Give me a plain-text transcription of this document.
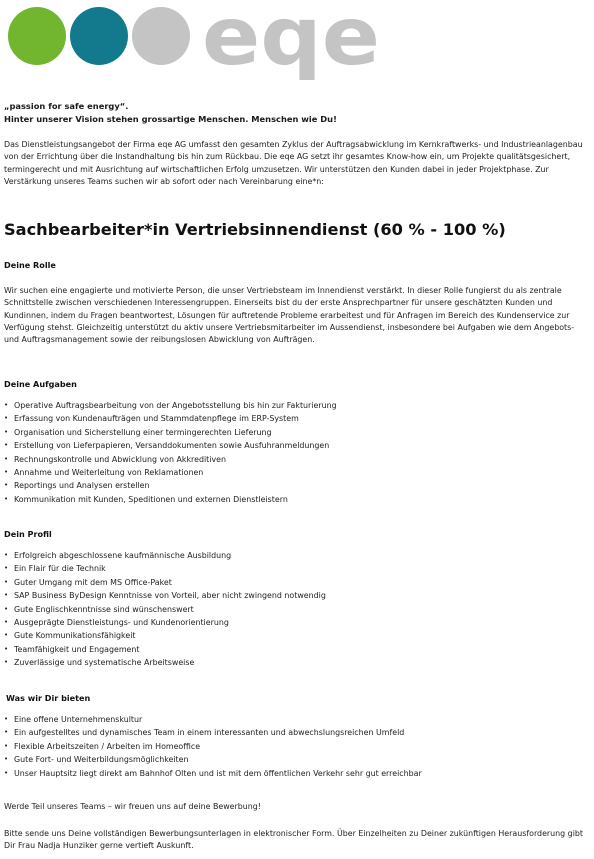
eqe
„passion for safe energy“.
Hinter unserer Vision stehen grossartige Menschen. Menschen wie Du!
Das Dienstleistungsangebot der Firma eqe AG umfasst den gesamten Zyklus der Auftragsabwicklung im Kernkraftwerks- und Industrieanlagenbau von der Errichtung über die Instandhaltung bis hin zum Rückbau. Die eqe AG setzt ihr gesamtes Know-how ein, um Projekte qualitätsgesichert, termingerecht und mit Ausrichtung auf wirtschaftlichen Erfolg umzusetzen. Wir unterstützen den Kunden dabei in jeder Projektphase. Zur Verstärkung unseres Teams suchen wir ab sofort oder nach Vereinbarung eine*n:
Sachbearbeiter*in Vertriebsinnendienst (60 % - 100 %)
Deine Rolle
Wir suchen eine engagierte und motivierte Person, die unser Vertriebsteam im Innendienst verstärkt. In dieser Rolle fungierst du als zentrale Schnittstelle zwischen verschiedenen Interessengruppen. Einerseits bist du der erste Ansprechpartner für unsere geschätzten Kunden und Kundinnen, indem du Fragen beantwortest, Lösungen für auftretende Probleme erarbeitest und für Anfragen im Bereich des Kundenservice zur Verfügung stehst. Gleichzeitig unterstützt du aktiv unsere Vertriebsmitarbeiter im Aussendienst, insbesondere bei Aufgaben wie dem Angebots- und Auftragsmanagement sowie der reibungslosen Abwicklung von Aufträgen.
Deine Aufgaben
• Operative Auftragsbearbeitung von der Angebotsstellung bis hin zur Fakturierung
• Erfassung von Kundenaufträgen und Stammdatenpflege im ERP-System
• Organisation und Sicherstellung einer termingerechten Lieferung
• Erstellung von Lieferpapieren, Versanddokumenten sowie Ausfuhranmeldungen
• Rechnungskontrolle und Abwicklung von Akkreditiven
• Annahme und Weiterleitung von Reklamationen
• Reportings und Analysen erstellen
• Kommunikation mit Kunden, Speditionen und externen Dienstleistern
Dein Profil
• Erfolgreich abgeschlossene kaufmännische Ausbildung
• Ein Flair für die Technik
• Guter Umgang mit dem MS Office-Paket
• SAP Business ByDesign Kenntnisse von Vorteil, aber nicht zwingend notwendig
• Gute Englischkenntnisse sind wünschenswert
• Ausgeprägte Dienstleistungs- und Kundenorientierung
• Gute Kommunikationsfähigkeit
• Teamfähigkeit und Engagement
• Zuverlässige und systematische Arbeitsweise
Was wir Dir bieten
• Eine offene Unternehmenskultur
• Ein aufgestelltes und dynamisches Team in einem interessanten und abwechslungsreichen Umfeld
• Flexible Arbeitszeiten / Arbeiten im Homeoffice
• Gute Fort- und Weiterbildungsmöglichkeiten
• Unser Hauptsitz liegt direkt am Bahnhof Olten und ist mit dem öffentlichen Verkehr sehr gut erreichbar
Werde Teil unseres Teams – wir freuen uns auf deine Bewerbung!
Bitte sende uns Deine vollständigen Bewerbungsunterlagen in elektronischer Form. Über Einzelheiten zu Deiner zukünftigen Herausforderung gibt Dir Frau Nadja Hunziker gerne vertieft Auskunft.
